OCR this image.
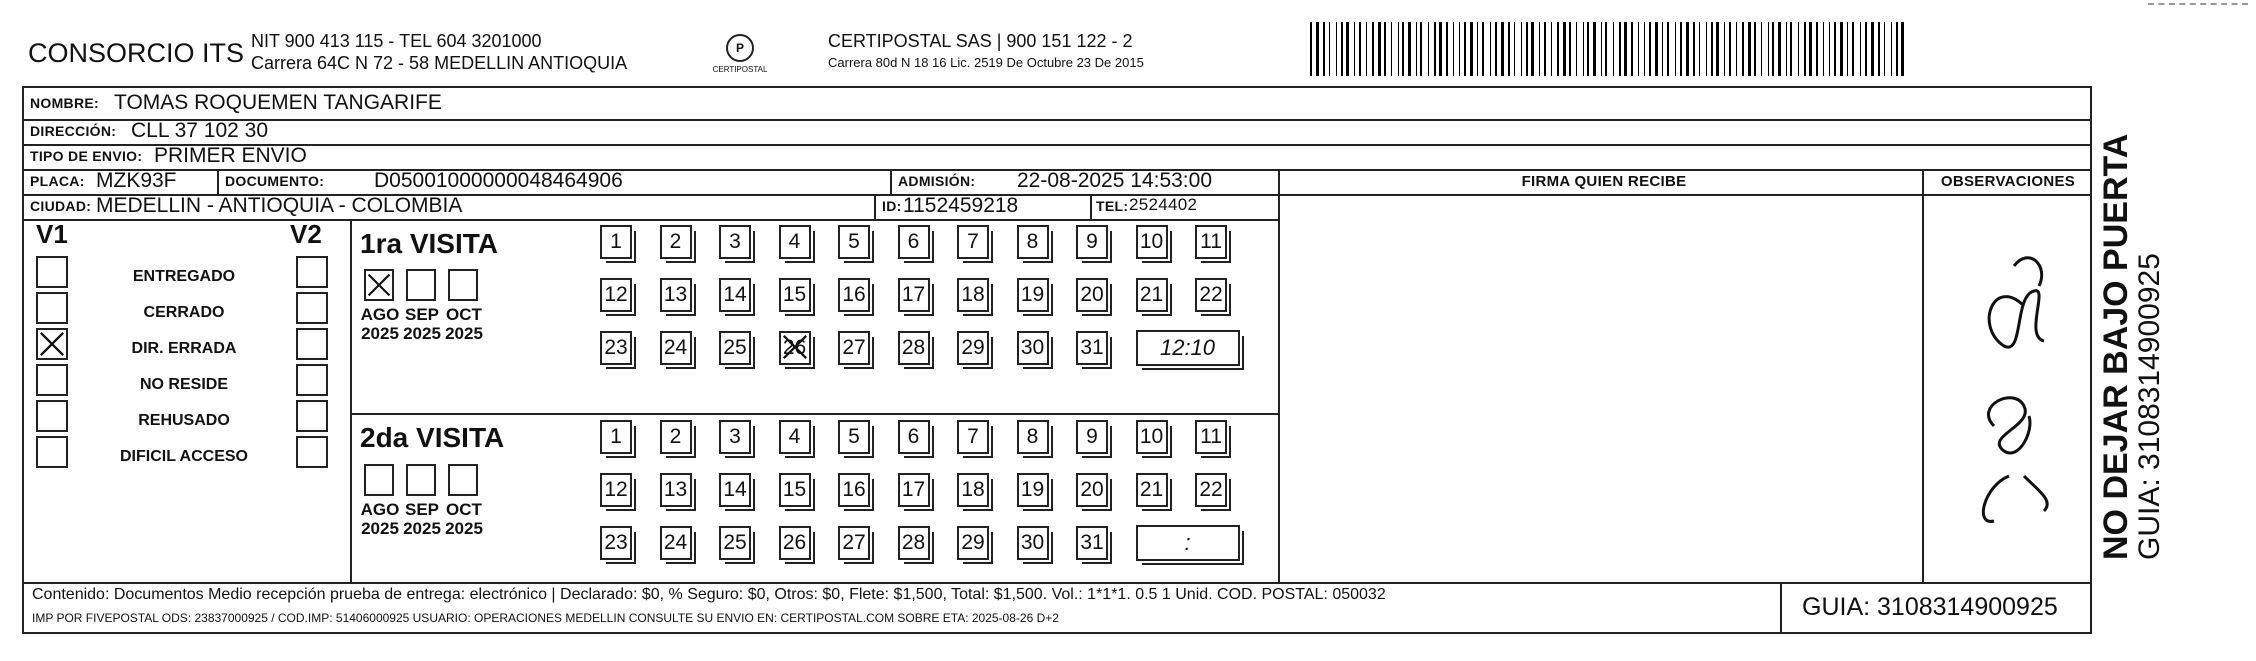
CONSORCIO ITS NIT 900 413 115 - TEL 604 3201000
Carrera 64C N 72 - 58 MEDELLIN ANTIOQUIA
P
CERTIPOSTAL
CERTIPOSTAL SAS | 900 151 122 - 2
Carrera 80d N 18 16 Lic. 2519 De Octubre 23 De 2015
NOMBRE: TOMAS ROQUEMEN TANGARIFE
DIRECCIÓN: CLL 37 102 30
TIPO DE ENVIO: PRIMER ENVIO
PLACA: MZK93F	DOCUMENTO: D05001000000048464906	ADMISIÓN: 22-08-2025 14:53:00
CIUDAD: MEDELLIN - ANTIOQUIA - COLOMBIA	ID: 1152459218	TEL: 2524402
FIRMA QUIEN RECIBE	OBSERVACIONES
V1	V2
ENTREGADO
CERRADO
DIR. ERRADA
NO RESIDE
REHUSADO
DIFICIL ACCESO
1ra VISITA
2da VISITA
AGO
2025
SEP
2025
OCT
2025
1	2	3	4	5	6	7	8	9	10 11
12 13 14 15 16 17 18 19 20 21 22
23 24 25 26 27 28 29 30 31	12:10
AGO
2025
SEP
2025
OCT
2025
1	2	3	4	5	6	7	8	9	10 11
12 13 14 15 16 17 18 19 20 21 22
23 24 25 26 27 28 29 30 31	:
Contenido: Documentos Medio recepción prueba de entrega: electrónico | Declarado: $0, % Seguro: $0, Otros: $0, Flete: $1,500, Total: $1,500. Vol.: 1*1*1. 0.5 1 Unid. COD. POSTAL: 050032
IMP POR FIVEPOSTAL ODS: 23837000925 / COD.IMP: 51406000925 USUARIO: OPERACIONES MEDELLIN CONSULTE SU ENVIO EN: CERTIPOSTAL.COM SOBRE ETA: 2025-08-26 D+2	GUIA: 3108314900925
NO DEJAR BAJO PUERTA
GUIA: 3108314900925
